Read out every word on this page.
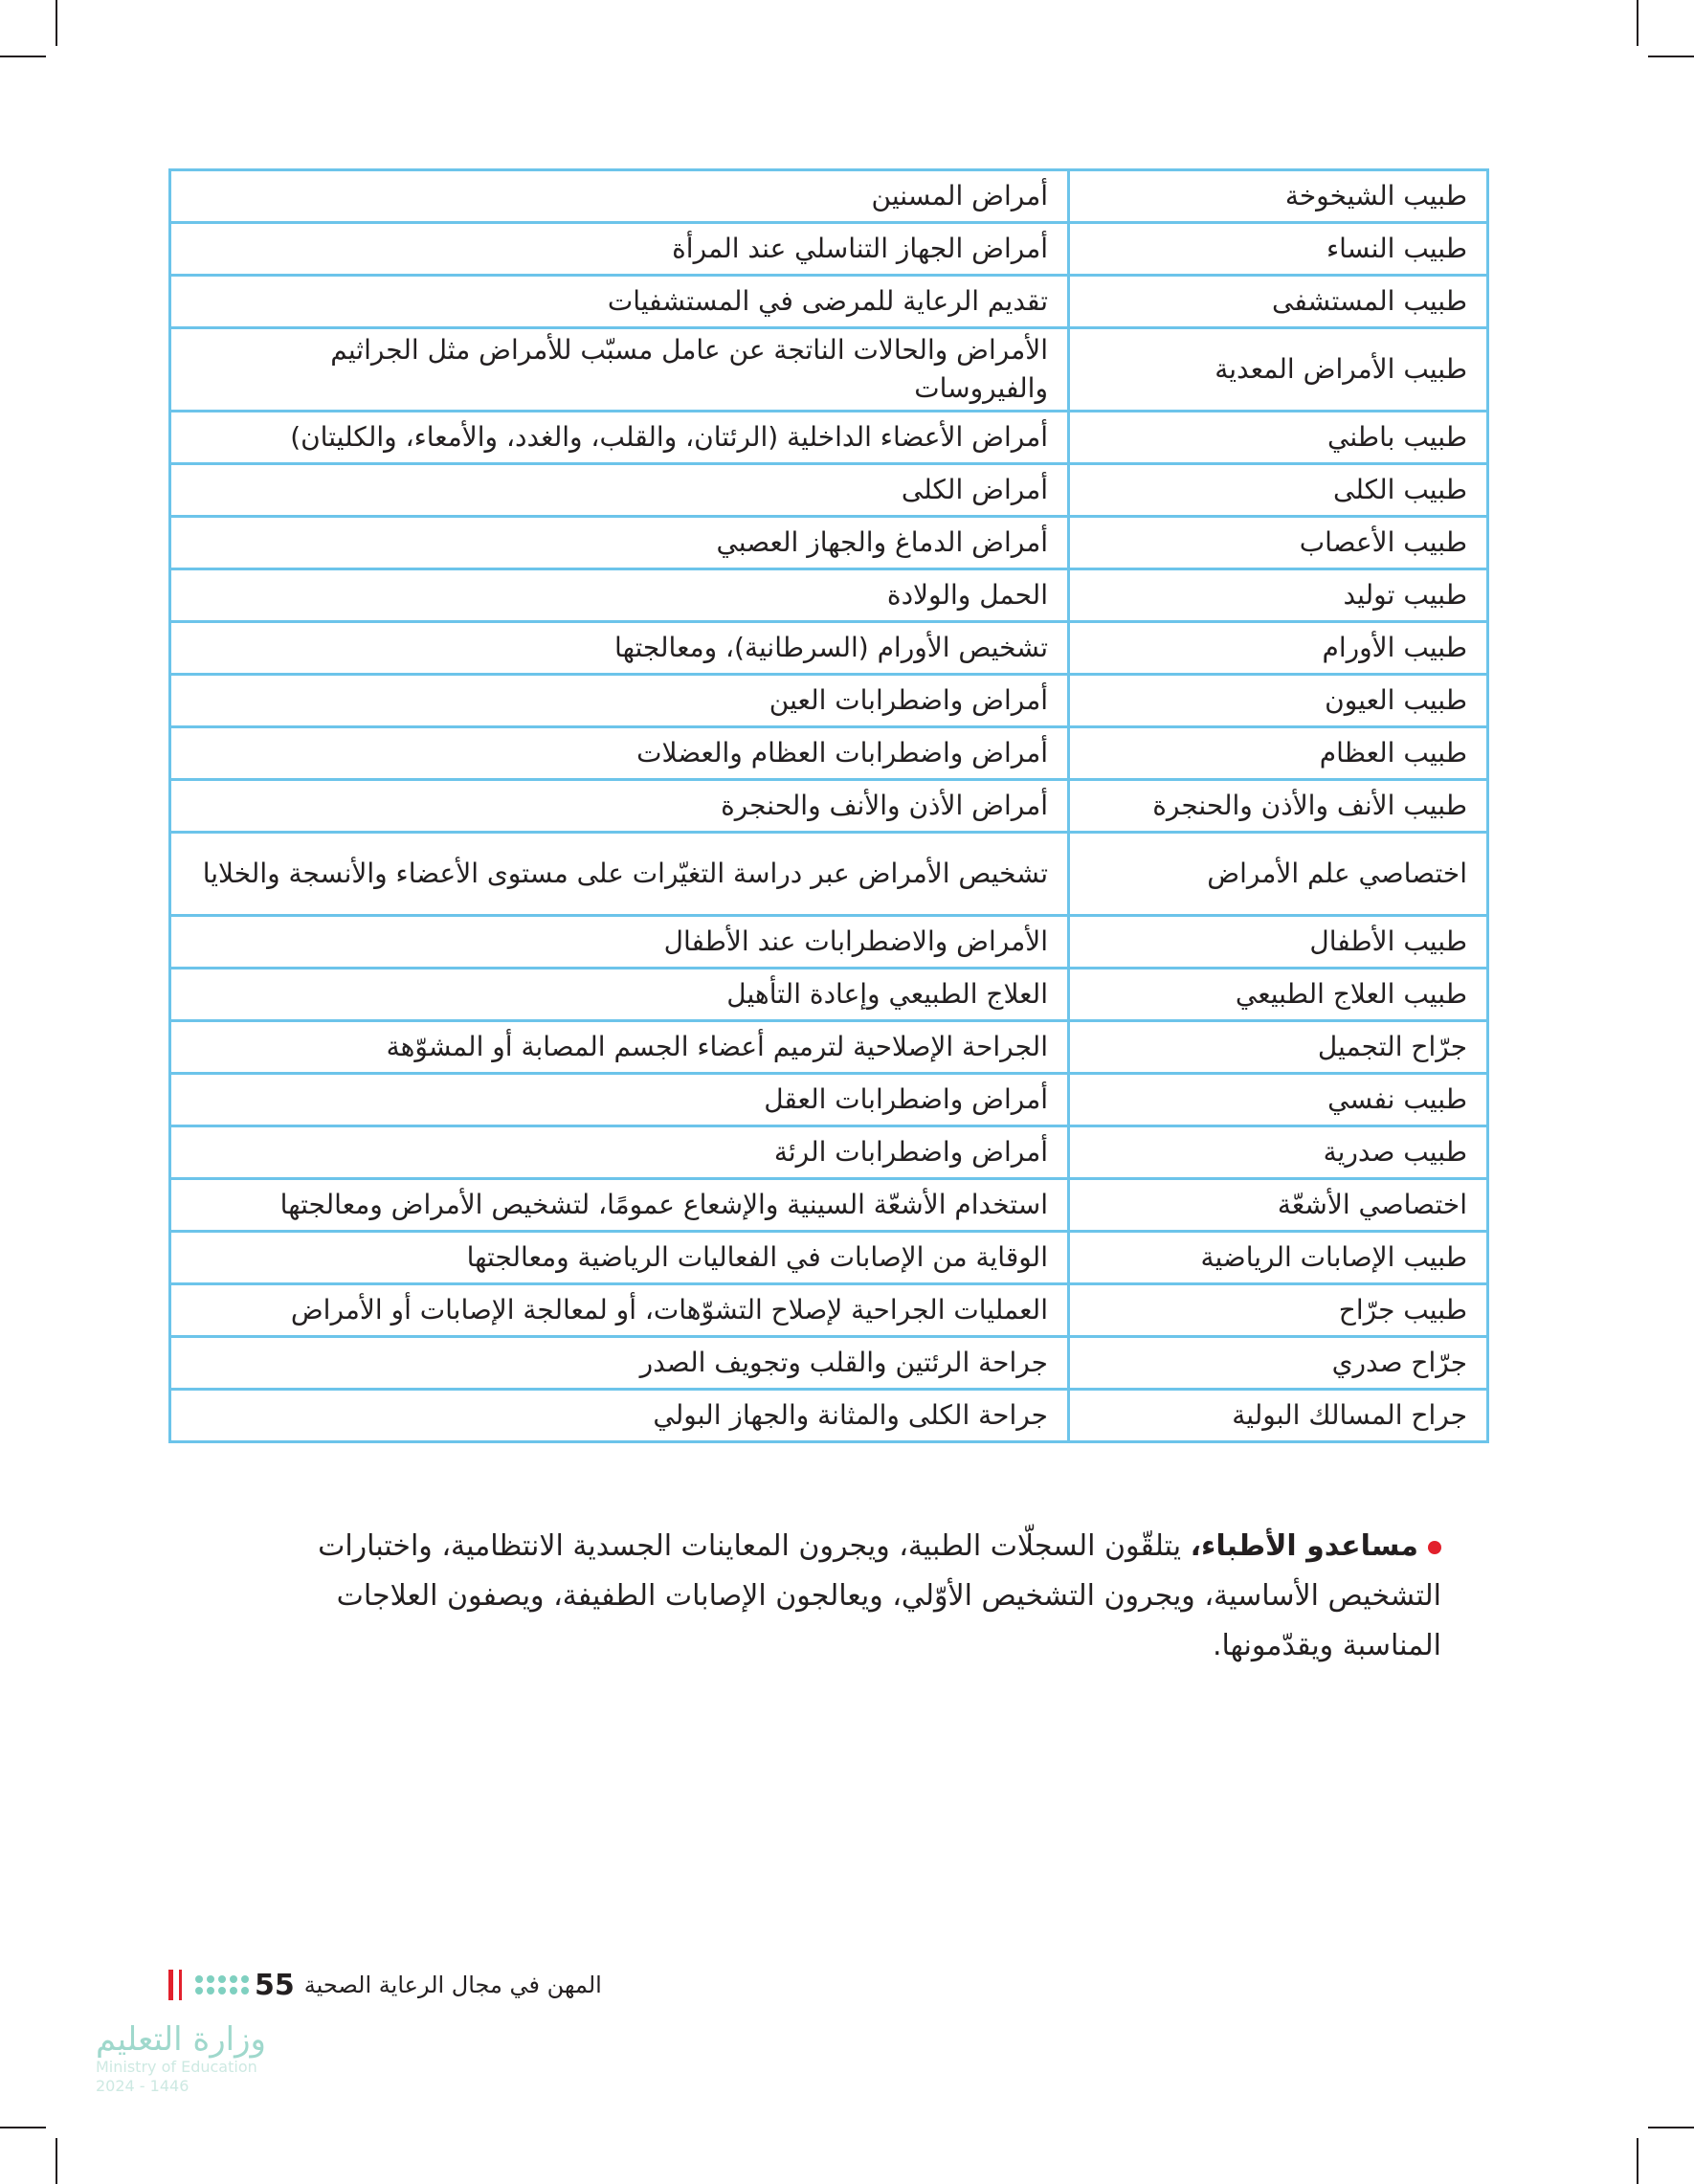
طبيب الشيخوخة	أمراض المسنين
طبيب النساء	أمراض الجهاز التناسلي عند المرأة
طبيب المستشفى	تقديم الرعاية للمرضى في المستشفيات
طبيب الأمراض المعدية	الأمراض والحالات الناتجة عن عامل مسبّب للأمراض مثل الجراثيم والفيروسات
طبيب باطني	أمراض الأعضاء الداخلية (الرئتان، والقلب، والغدد، والأمعاء، والكليتان)
طبيب الكلى	أمراض الكلى
طبيب الأعصاب	أمراض الدماغ والجهاز العصبي
طبيب توليد	الحمل والولادة
طبيب الأورام	تشخيص الأورام (السرطانية)، ومعالجتها
طبيب العيون	أمراض واضطرابات العين
طبيب العظام	أمراض واضطرابات العظام والعضلات
طبيب الأنف والأذن والحنجرة	أمراض الأذن والأنف والحنجرة
اختصاصي علم الأمراض	تشخيص الأمراض عبر دراسة التغيّرات على مستوى الأعضاء والأنسجة والخلايا
طبيب الأطفال	الأمراض والاضطرابات عند الأطفال
طبيب العلاج الطبيعي	العلاج الطبيعي وإعادة التأهيل
جرّاح التجميل	الجراحة الإصلاحية لترميم أعضاء الجسم المصابة أو المشوّهة
طبيب نفسي	أمراض واضطرابات العقل
طبيب صدرية	أمراض واضطرابات الرئة
اختصاصي الأشعّة	استخدام الأشعّة السينية والإشعاع عمومًا، لتشخيص الأمراض ومعالجتها
طبيب الإصابات الرياضية	الوقاية من الإصابات في الفعاليات الرياضية ومعالجتها
طبيب جرّاح	العمليات الجراحية لإصلاح التشوّهات، أو لمعالجة الإصابات أو الأمراض
جرّاح صدري	جراحة الرئتين والقلب وتجويف الصدر
جراح المسالك البولية	جراحة الكلى والمثانة والجهاز البولي
مساعدو الأطباء، يتلقّون السجلّات الطبية، ويجرون المعاينات الجسدية الانتظامية، واختبارات التشخيص الأساسية، ويجرون التشخيص الأوّلي، ويعالجون الإصابات الطفيفة، ويصفون العلاجات المناسبة ويقدّمونها.
55 المهن في مجال الرعاية الصحية
وزارة التعليم
Ministry of Education
2024 - 1446
